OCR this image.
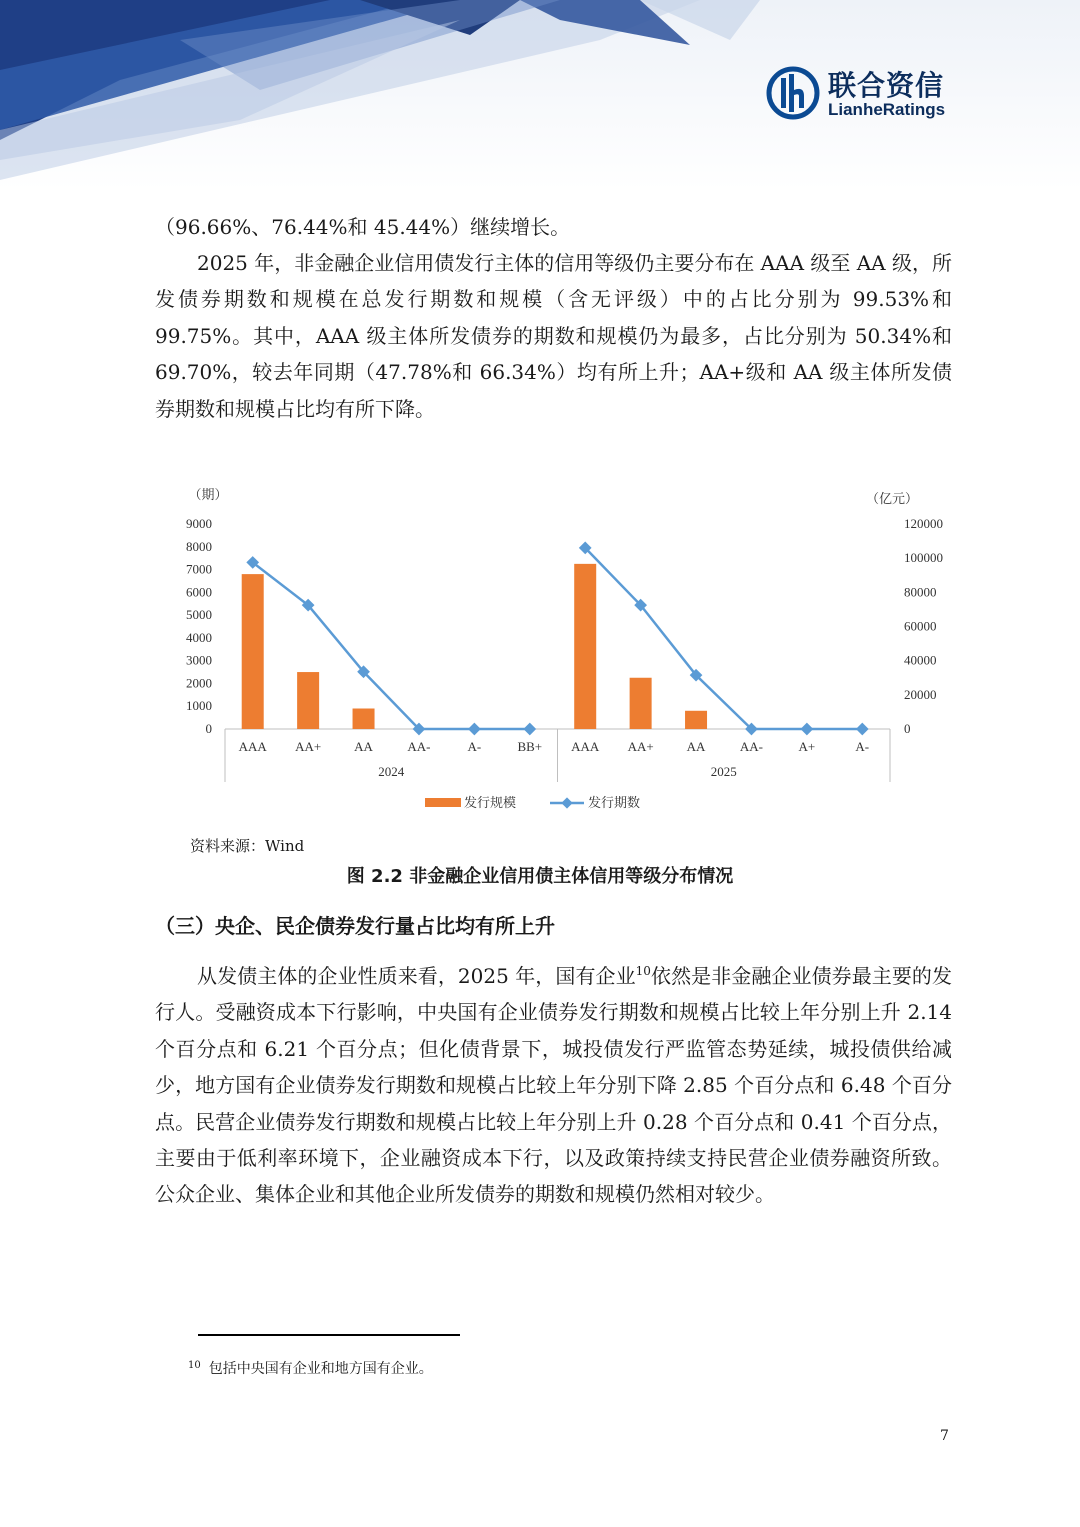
联合资信
LianheRatings

（96.66%、76.44%和 45.44%）继续增长。

2025 年，非金融企业信用债发行主体的信用等级仍主要分布在 AAA 级至 AA 级，所发债券期数和规模在总发行期数和规模（含无评级）中的占比分别为 99.53%和 99.75%。其中，AAA 级主体所发债券的期数和规模仍为最多，占比分别为 50.34%和 69.70%，较去年同期（47.78%和 66.34%）均有所上升；AA+级和 AA 级主体所发债券期数和规模占比均有所下降。

（期）	（亿元）
9000
8000
7000
6000
5000
4000
3000
2000
1000
0
120000
100000
80000
60000
40000
20000
0
AAA AA+	AA	AA-	A-	BB+
2024
AAA AA+	AA	AA-	A+	A-
2025
发行规模	发行期数
资料来源：Wind
图 2.2 非金融企业信用债主体信用等级分布情况
（三）央企、民企债券发行量占比均有所上升

从发债主体的企业性质来看，2025 年，国有企业$^{10}$依然是非金融企业债券最主要的发行人。受融资成本下行影响，中央国有企业债券发行期数和规模占比较上年分别上升 2.14 个百分点和 6.21 个百分点；但化债背景下，城投债发行严监管态势延续，城投债供给减少，地方国有企业债券发行期数和规模占比较上年分别下降 2.85 个百分点和 6.48 个百分点。民营企业债券发行期数和规模占比较上年分别上升 0.28 个百分点和 0.41 个百分点，主要由于低利率环境下，企业融资成本下行，以及政策持续支持民营企业债券融资所致。公众企业、集体企业和其他企业所发债券的期数和规模仍然相对较少。

$^{10}$ 包括中央国有企业和地方国有企业。
7
